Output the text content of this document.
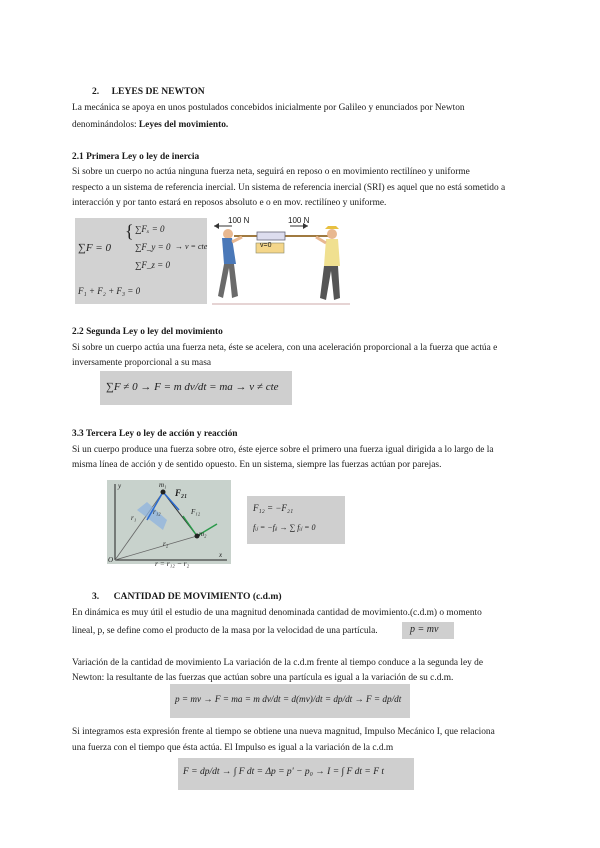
2. LEYES DE NEWTON
La mecánica se apoya en unos postulados concebidos inicialmente por Galileo y enunciados por Newton
denominándolos: Leyes del movimiento.
2.1 Primera Ley o ley de inercia
Si sobre un cuerpo no actúa ninguna fuerza neta, seguirá en reposo o en movimiento rectilíneo y uniforme
respecto a un sistema de referencia inercial. Un sistema de referencia inercial (SRI) es aquel que no está sometido a
interacción y por tanto estará en reposos absoluto e o en mov. rectilíneo y uniforme.
∑F = 0
{ ∑Fₓ = 0
∑F_y = 0
∑F_z = 0
→ v = cte
F₁ + F₂ + F₃ = 0
100 N	100 N
v=0
2.2 Segunda Ley o ley del movimiento
Si sobre un cuerpo actúa una fuerza neta, éste se acelera, con una aceleración proporcional a la fuerza que actúa e
inversamente proporcional a su masa
∑F ≠ 0 → F = m dv/dt = ma → v ≠ cte
3.3 Tercera Ley o ley de acción y reacción
Si un cuerpo produce una fuerza sobre otro, éste ejerce sobre el primero una fuerza igual dirigida a lo largo de la
misma línea de acción y de sentido opuesto. En un sistema, siempre las fuerzas actúan por parejas.
y
x
O
m₁
m₂
F₂₁
F₁₂
r₁
r₂
r₁₂
r = r₁₂ − r₂
F₁₂ = −F₂₁
fᵢⱼ = −fⱼᵢ → ∑ fᵢⱼ = 0
3. CANTIDAD DE MOVIMIENTO (c.d.m)
En dinámica es muy útil el estudio de una magnitud denominada cantidad de movimiento.(c.d.m) o momento
lineal, p, se define como el producto de la masa por la velocidad de una partícula.	p = mv
Variación de la cantidad de movimiento La variación de la c.d.m frente al tiempo conduce a la segunda ley de
Newton: la resultante de las fuerzas que actúan sobre una partícula es igual a la variación de su c.d.m.
p = mv → F = ma = m dv/dt = d(mv)/dt = dp/dt → F = dp/dt
Si integramos esta expresión frente al tiempo se obtiene una nueva magnitud, Impulso Mecánico I, que relaciona
una fuerza con el tiempo que ésta actúa. El Impulso es igual a la variación de la c.d.m
F = dp/dt → ∫ F dt = Δp = p' − p₀ → I = ∫ F dt = F t
